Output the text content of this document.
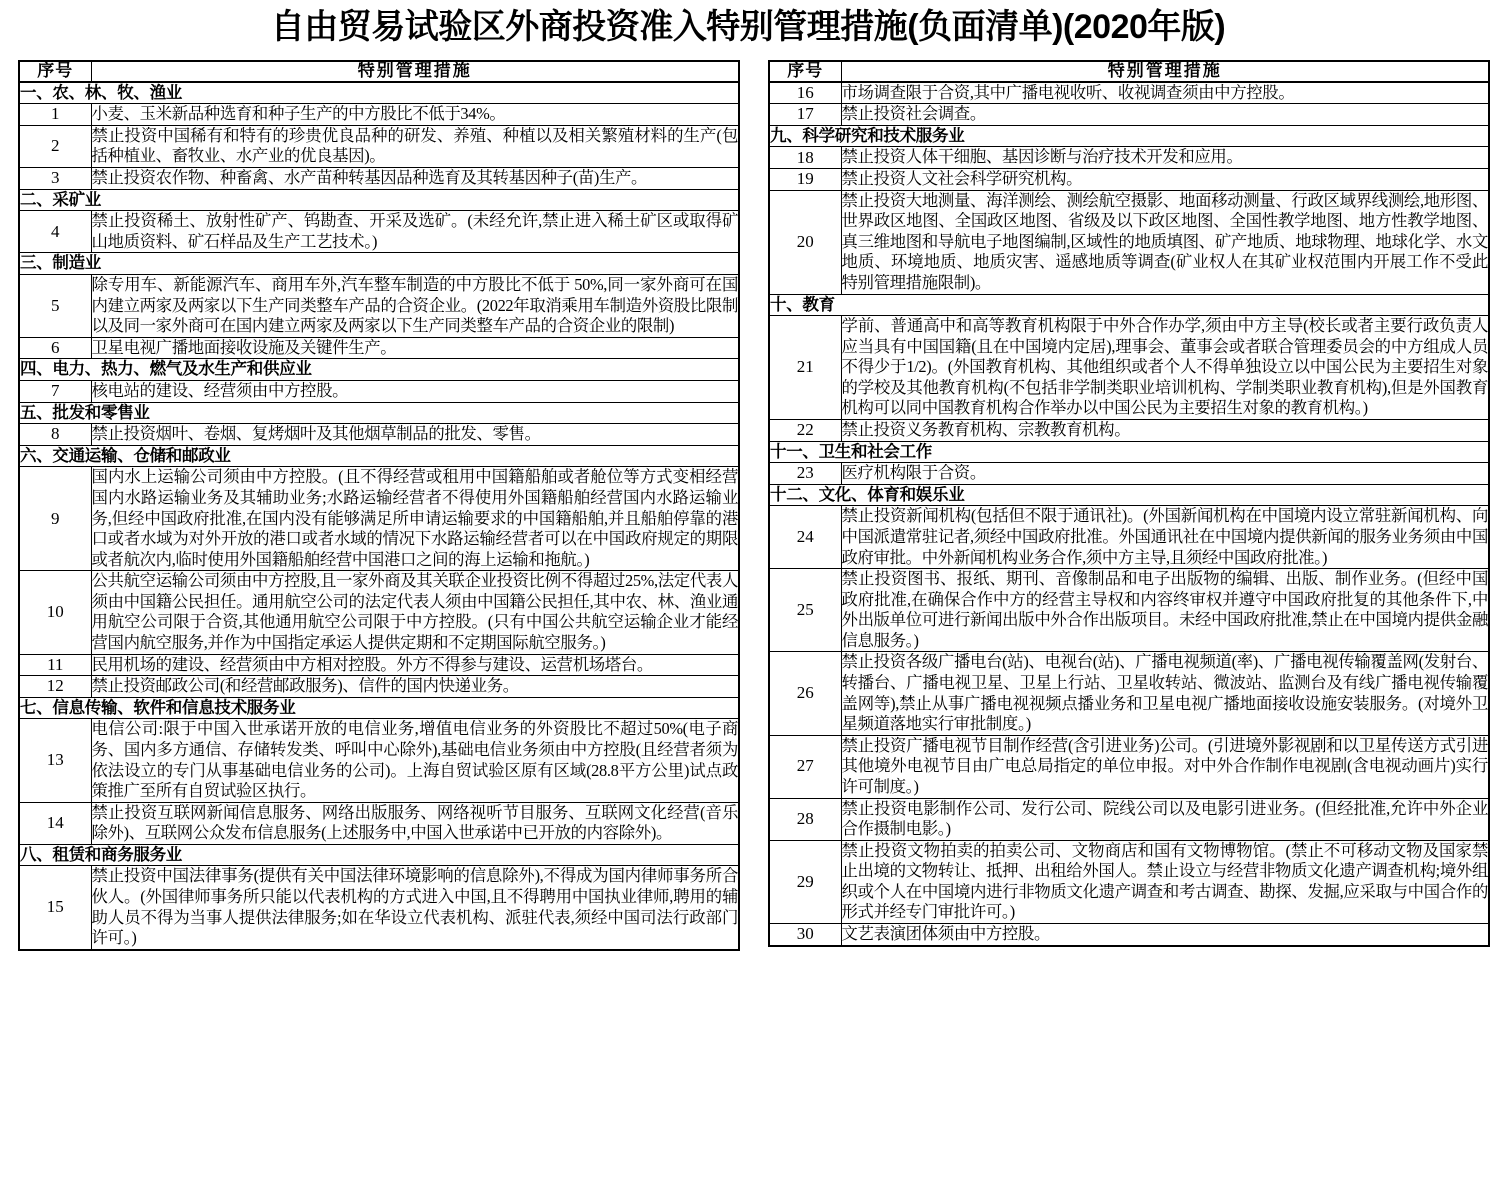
自由贸易试验区外商投资准入特别管理措施(负面清单)(2020年版)
序号	特别管理措施
一、农、林、牧、渔业	
1	小麦、玉米新品种选育和种子生产的中方股比不低于34%。
2	禁止投资中国稀有和特有的珍贵优良品种的研发、养殖、种植以及相关繁殖材料的生产(包括种植业、畜牧业、水产业的优良基因)。
3	禁止投资农作物、种畜禽、水产苗种转基因品种选育及其转基因种子(苗)生产。
二、采矿业	
4	禁止投资稀土、放射性矿产、钨勘查、开采及选矿。(未经允许,禁止进入稀土矿区或取得矿山地质资料、矿石样品及生产工艺技术。)
三、制造业	
5	除专用车、新能源汽车、商用车外,汽车整车制造的中方股比不低于 50%,同一家外商可在国内建立两家及两家以下生产同类整车产品的合资企业。(2022年取消乘用车制造外资股比限制以及同一家外商可在国内建立两家及两家以下生产同类整车产品的合资企业的限制)
6	卫星电视广播地面接收设施及关键件生产。
四、电力、热力、燃气及水生产和供应业	
7	核电站的建设、经营须由中方控股。
五、批发和零售业	
8	禁止投资烟叶、卷烟、复烤烟叶及其他烟草制品的批发、零售。
六、交通运输、仓储和邮政业	
9	国内水上运输公司须由中方控股。(且不得经营或租用中国籍船舶或者舱位等方式变相经营国内水路运输业务及其辅助业务;水路运输经营者不得使用外国籍船舶经营国内水路运输业务,但经中国政府批准,在国内没有能够满足所申请运输要求的中国籍船舶,并且船舶停靠的港口或者水域为对外开放的港口或者水域的情况下水路运输经营者可以在中国政府规定的期限或者航次内,临时使用外国籍船舶经营中国港口之间的海上运输和拖航。)
10	公共航空运输公司须由中方控股,且一家外商及其关联企业投资比例不得超过25%,法定代表人须由中国籍公民担任。通用航空公司的法定代表人须由中国籍公民担任,其中农、林、渔业通用航空公司限于合资,其他通用航空公司限于中方控股。(只有中国公共航空运输企业才能经营国内航空服务,并作为中国指定承运人提供定期和不定期国际航空服务。)
11	民用机场的建设、经营须由中方相对控股。外方不得参与建设、运营机场塔台。
12	禁止投资邮政公司(和经营邮政服务)、信件的国内快递业务。
七、信息传输、软件和信息技术服务业	
13	电信公司:限于中国入世承诺开放的电信业务,增值电信业务的外资股比不超过50%(电子商务、国内多方通信、存储转发类、呼叫中心除外),基础电信业务须由中方控股(且经营者须为依法设立的专门从事基础电信业务的公司)。上海自贸试验区原有区域(28.8平方公里)试点政策推广至所有自贸试验区执行。
14	禁止投资互联网新闻信息服务、网络出版服务、网络视听节目服务、互联网文化经营(音乐除外)、互联网公众发布信息服务(上述服务中,中国入世承诺中已开放的内容除外)。
八、租赁和商务服务业	
15	禁止投资中国法律事务(提供有关中国法律环境影响的信息除外),不得成为国内律师事务所合伙人。(外国律师事务所只能以代表机构的方式进入中国,且不得聘用中国执业律师,聘用的辅助人员不得为当事人提供法律服务;如在华设立代表机构、派驻代表,须经中国司法行政部门许可。)
序号	特别管理措施
16	市场调查限于合资,其中广播电视收听、收视调查须由中方控股。
17	禁止投资社会调查。
九、科学研究和技术服务业	
18	禁止投资人体干细胞、基因诊断与治疗技术开发和应用。
19	禁止投资人文社会科学研究机构。
20	禁止投资大地测量、海洋测绘、测绘航空摄影、地面移动测量、行政区域界线测绘,地形图、世界政区地图、全国政区地图、省级及以下政区地图、全国性教学地图、地方性教学地图、真三维地图和导航电子地图编制,区域性的地质填图、矿产地质、地球物理、地球化学、水文地质、环境地质、地质灾害、遥感地质等调查(矿业权人在其矿业权范围内开展工作不受此特别管理措施限制)。
十、教育	
21	学前、普通高中和高等教育机构限于中外合作办学,须由中方主导(校长或者主要行政负责人应当具有中国国籍(且在中国境内定居),理事会、董事会或者联合管理委员会的中方组成人员不得少于1/2)。(外国教育机构、其他组织或者个人不得单独设立以中国公民为主要招生对象的学校及其他教育机构(不包括非学制类职业培训机构、学制类职业教育机构),但是外国教育机构可以同中国教育机构合作举办以中国公民为主要招生对象的教育机构。)
22	禁止投资义务教育机构、宗教教育机构。
十一、卫生和社会工作	
23	医疗机构限于合资。
十二、文化、体育和娱乐业	
24	禁止投资新闻机构(包括但不限于通讯社)。(外国新闻机构在中国境内设立常驻新闻机构、向中国派遣常驻记者,须经中国政府批准。外国通讯社在中国境内提供新闻的服务业务须由中国政府审批。中外新闻机构业务合作,须中方主导,且须经中国政府批准。)
25	禁止投资图书、报纸、期刊、音像制品和电子出版物的编辑、出版、制作业务。(但经中国政府批准,在确保合作中方的经营主导权和内容终审权并遵守中国政府批复的其他条件下,中外出版单位可进行新闻出版中外合作出版项目。未经中国政府批准,禁止在中国境内提供金融信息服务。)
26	禁止投资各级广播电台(站)、电视台(站)、广播电视频道(率)、广播电视传输覆盖网(发射台、转播台、广播电视卫星、卫星上行站、卫星收转站、微波站、监测台及有线广播电视传输覆盖网等),禁止从事广播电视视频点播业务和卫星电视广播地面接收设施安装服务。(对境外卫星频道落地实行审批制度。)
27	禁止投资广播电视节目制作经营(含引进业务)公司。(引进境外影视剧和以卫星传送方式引进其他境外电视节目由广电总局指定的单位申报。对中外合作制作电视剧(含电视动画片)实行许可制度。)
28	禁止投资电影制作公司、发行公司、院线公司以及电影引进业务。(但经批准,允许中外企业合作摄制电影。)
29	禁止投资文物拍卖的拍卖公司、文物商店和国有文物博物馆。(禁止不可移动文物及国家禁止出境的文物转让、抵押、出租给外国人。禁止设立与经营非物质文化遗产调查机构;境外组织或个人在中国境内进行非物质文化遗产调查和考古调查、勘探、发掘,应采取与中国合作的形式并经专门审批许可。)
30	文艺表演团体须由中方控股。
